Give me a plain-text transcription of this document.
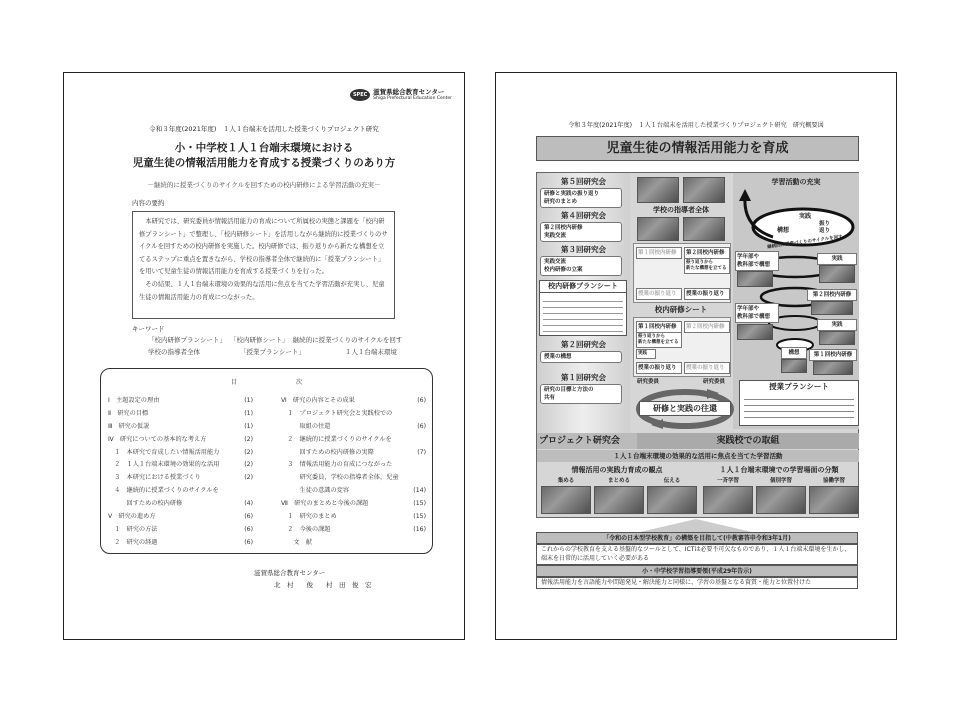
SPEC 滋賀県総合教育センター
Shiga Prefectural Education Center
令和３年度(2021年度)　１人１台端末を活用した授業づくりプロジェクト研究
小・中学校１人１台端末環境における
児童生徒の情報活用能力を育成する授業づくりのあり方
－継続的に授業づくりのサイクルを回すための校内研修による学習活動の充実－
内容の要約
　本研究では、研究委員が情報活用能力の育成について所属校の実態と課題を「校内研修プランシート」で整理し、「校内研修シート」を活用しながら継続的に授業づくりのサイクルを回すための校内研修を実施した。校内研修では、振り返りから新たな構想を立てるステップに重点を置きながら、学校の指導者全体で継続的に「授業プランシート」を用いて児童生徒の情報活用能力を育成する授業づくりを行った。
　その結果、１人１台端末環境の効果的な活用に焦点を当てた学習活動が充実し、児童生徒の情報活用能力の育成につながった。
キーワード
「校内研修プランシート」 「校内研修シート」 継続的に授業づくりのサイクルを回す
学校の指導者全体	「授業プランシート」	１人１台端末環境
目	次
Ⅰ　主題設定の理由	(1)
Ⅱ　研究の目標	(1)
Ⅲ　研究の仮説	(1)
Ⅳ　研究についての基本的な考え方	(2)
　１　本研究で育成したい情報活用能力	(2)
　２　１人１台端末環境の効果的な活用	(2)
　３　本研究における授業づくり	(2)
　４　継続的に授業づくりのサイクルを
　　　回すための校内研修	(4)
Ⅴ　研究の進め方	(6)
　１　研究の方法	(6)
　２　研究の経過	(6)
Ⅵ　研究の内容とその成果	(6)
　１　プロジェクト研究会と実践校での
　　　取組の往還	(6)
　２　継続的に授業づくりのサイクルを
　　　回すための校内研修の実際	(7)
　３　情報活用能力の育成につながった
　　　研究委員，学校の指導者全体，児童
　　　生徒の意識の変容	(14)
Ⅶ　研究のまとめと今後の課題	(15)
　１　研究のまとめ	(15)
　２　今後の課題	(16)
　　文　献
滋賀県総合教育センター
北　村　　俊　　村　田　俊　宏
令和３年度(2021年度)　１人１台端末を活用した授業づくりプロジェクト研究　研究概要図
児童生徒の情報活用能力を育成
第５回研究会
研修と実践の振り返り
研究のまとめ
第４回研究会
第２回校内研修
実践交流
第３回研究会
実践交流
校内研修の立案
第２回研究会
授業の構想
第１回研究会
研究の目標と方法の
共有
校内研修プランシート
学校の指導者全体
第１回校内研修	第２回校内研修
振り返りから
新たな構想を立てる
授業の振り返り	授業の振り返り
校内研修シート
第１回校内研修	第２回校内研修
振り返りから
新たな構想を立てる
実践
授業の振り返り	授業の振り返り
学習活動の充実
実践
構想
振り
返り
継続的に授業づくりのサイクルを回す
学年部や
教科部で構想
実践
第２回校内研修
学年部や
教科部で構想
実践
構想	第１回校内研修
授業プランシート
研究委員	研究委員
研修と実践の往還
プロジェクト研究会	実践校での取組
１人１台端末環境の効果的な活用に焦点を当てた学習活動
情報活用の実践力育成の観点	１人１台端末環境での学習場面の分類
集める	まとめる	伝える	一斉学習	個別学習	協働学習
「令和の日本型学校教育」の構築を目指して(中教審答申令和3年1月)
これからの学校教育を支える基盤的なツールとして、ICTは必要不可欠なものであり、１人１台端末環境を生かし、端末を日常的に活用していく必要がある
小・中学校学習指導要領(平成29年告示)
情報活用能力を言語能力や問題発見・解決能力と同様に、学習の基盤となる資質・能力と位置付けた
